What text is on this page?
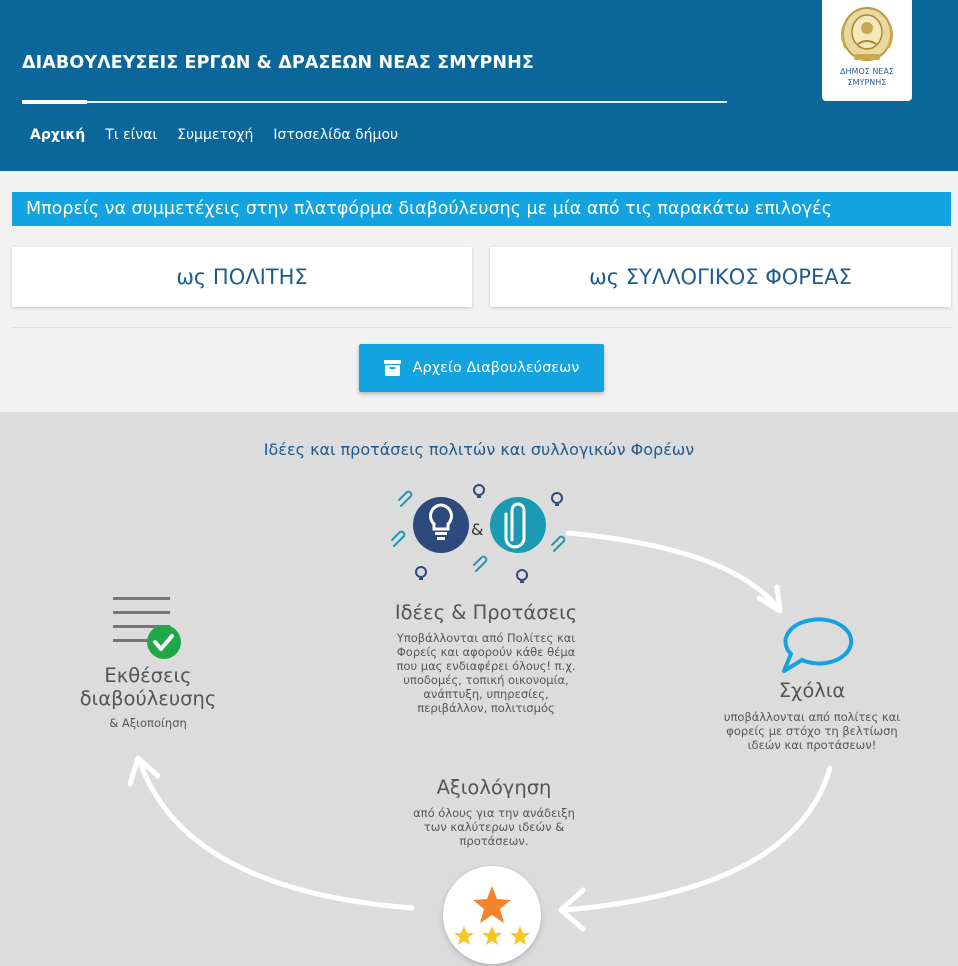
ΔΙΑΒΟΥΛΕΥΣΕΙΣ ΕΡΓΩΝ & ΔΡΑΣΕΩΝ ΝΕΑΣ ΣΜΥΡΝΗΣ
Αρχική Τι είναι Συμμετοχή Ιστοσελίδα δήμου
ΔΗΜΟΣ ΝΕΑΣ
ΣΜΥΡΝΗΣ
Μπορείς να συμμετέχεις στην πλατφόρμα διαβούλευσης με μία από τις παρακάτω επιλογές
ως ΠΟΛΙΤΗΣ	ως ΣΥΛΛΟΓΙΚΟΣ ΦΟΡΕΑΣ
Αρχείο Διαβουλεύσεων
Ιδέες και προτάσεις πολιτών και συλλογικών Φορέων
&
Ιδέες & Προτάσεις
Υποβάλλονται από Πολίτες και
Φορείς και αφορούν κάθε θέμα
που μας ενδιαφέρει όλους! π.χ.
υποδομές, τοπική οικονομία,
ανάπτυξη, υπηρεσίες,
περιβάλλον, πολιτισμός
Σχόλια
υποβάλλονται από πολίτες και
φορείς με στόχο τη βελτίωση
ιδεών και προτάσεων!
Αξιολόγηση
από όλους για την ανάδειξη
των καλύτερων ιδεών &
προτάσεων.
Εκθέσεις
διαβούλευσης
& Αξιοποίηση
